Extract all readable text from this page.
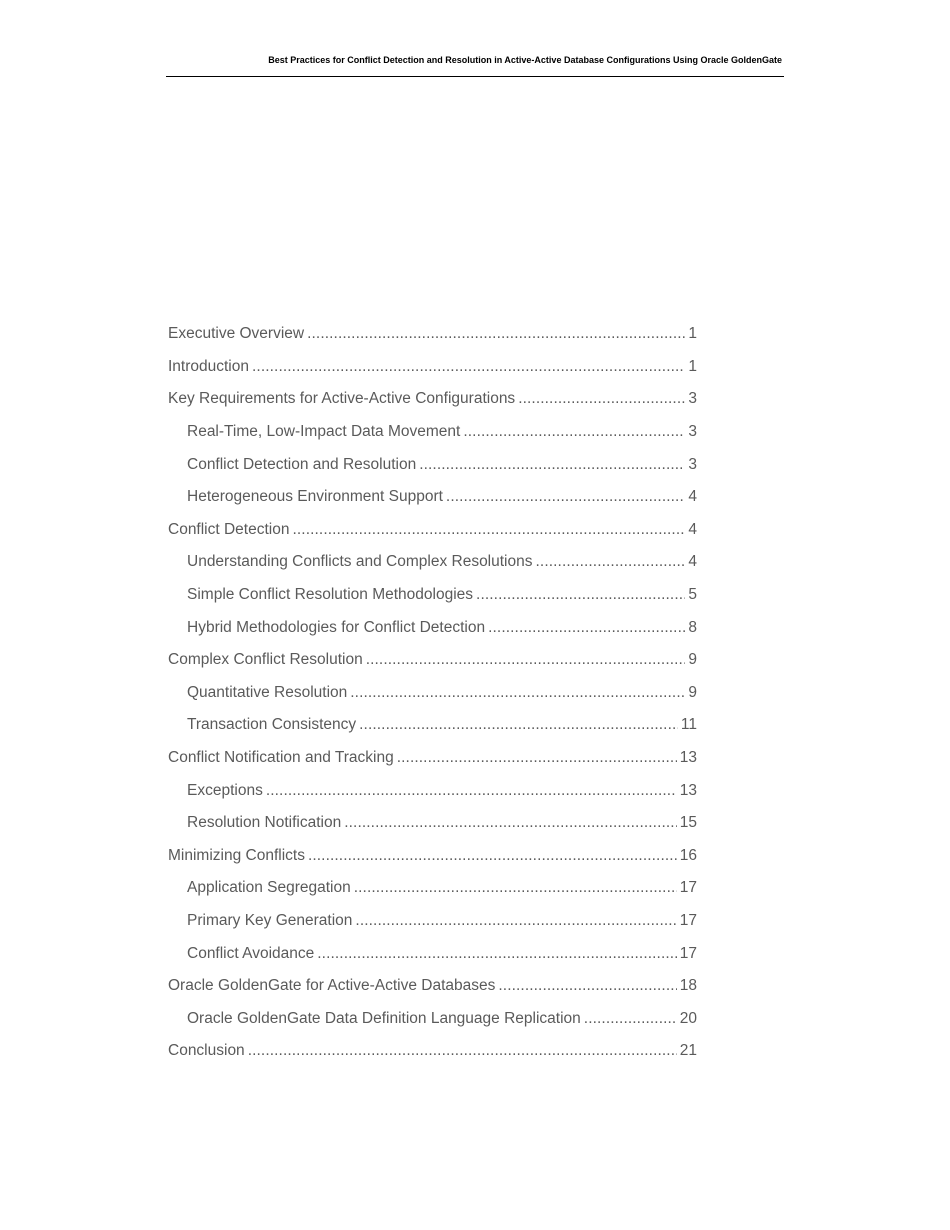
Best Practices for Conflict Detection and Resolution in Active-Active Database Configurations Using Oracle GoldenGate
Executive Overview .....	1
Introduction .....	1
Key Requirements for Active-Active Configurations .....	3
Real-Time, Low-Impact Data Movement .....	3
Conflict Detection and Resolution .....	3
Heterogeneous Environment Support .....	4
Conflict Detection .....	4
Understanding Conflicts and Complex Resolutions .....	4
Simple Conflict Resolution Methodologies .....	5
Hybrid Methodologies for Conflict Detection .....	8
Complex Conflict Resolution .....	9
Quantitative Resolution .....	9
Transaction Consistency .....	11
Conflict Notification and Tracking .....	13
Exceptions .....	13
Resolution Notification .....	15
Minimizing Conflicts .....	16
Application Segregation .....	17
Primary Key Generation .....	17
Conflict Avoidance .....	17
Oracle GoldenGate for Active-Active Databases .....	18
Oracle GoldenGate Data Definition Language Replication .....	20
Conclusion .....	21
